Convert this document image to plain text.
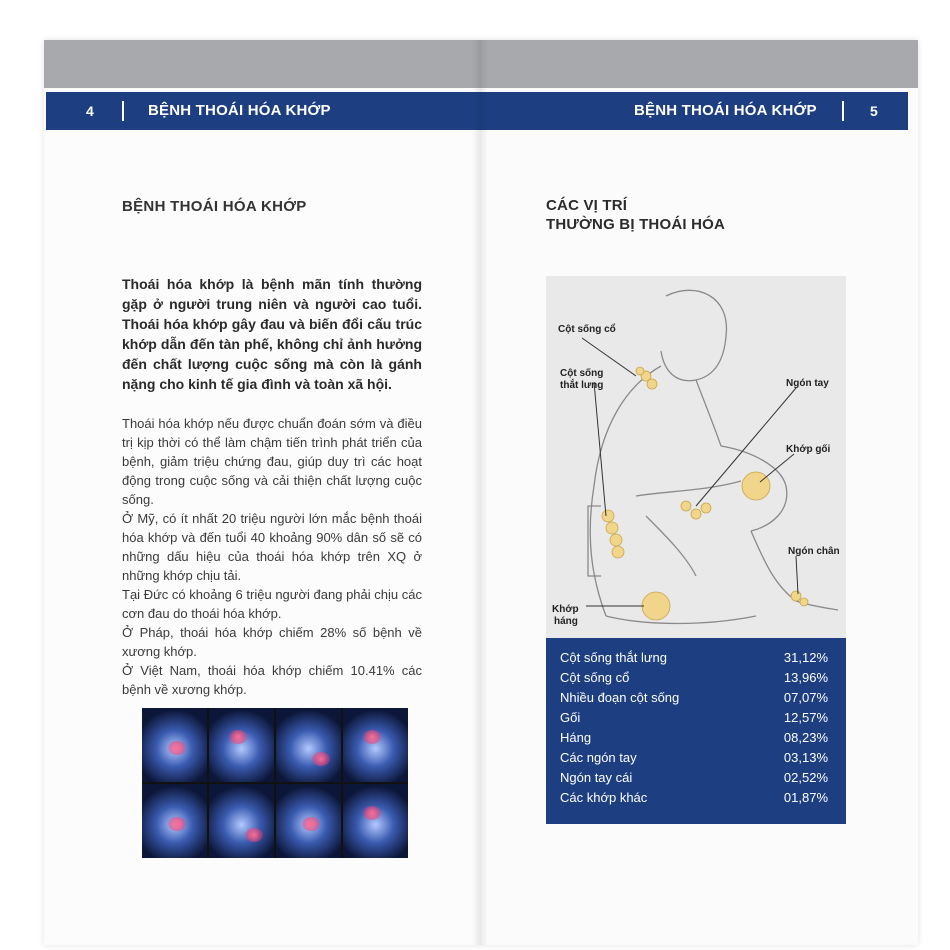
4	BỆNH THOÁI HÓA KHỚP
BỆNH THOÁI HÓA KHỚP
Thoái hóa khớp là bệnh mãn tính thường gặp ở người trung niên và người cao tuổi. Thoái hóa khớp gây đau và biến đổi cấu trúc khớp dẫn đến tàn phế, không chỉ ảnh hưởng đến chất lượng cuộc sống mà còn là gánh nặng cho kinh tế gia đình và toàn xã hội.

Thoái hóa khớp nếu được chuẩn đoán sớm và điều trị kịp thời có thể làm chậm tiến trình phát triển của bệnh, giảm triệu chứng đau, giúp duy trì các hoạt động trong cuộc sống và cải thiện chất lượng cuộc sống.

Ở Mỹ, có ít nhất 20 triệu người lớn mắc bệnh thoái hóa khớp và đến tuổi 40 khoảng 90% dân số sẽ có những dấu hiệu của thoái hóa khớp trên XQ ở những khớp chịu tải.

Tại Đức có khoảng 6 triệu người đang phải chịu các cơn đau do thoái hóa khớp.

Ở Pháp, thoái hóa khớp chiếm 28% số bệnh về xương khớp.

Ở Việt Nam, thoái hóa khớp chiếm 10.41% các bệnh về xương khớp.

BỆNH THOÁI HÓA KHỚP	5
CÁC VỊ TRÍ
THƯỜNG BỊ THOÁI HÓA
Cột sống cổ
Cột sống
thắt lưng	Ngón tay
Khớp gối
Ngón chân
Khớp
háng
Cột sống thắt lưng	31,12%
Cột sống cổ	13,96%
Nhiều đoạn cột sống	07,07%
Gối	12,57%
Háng	08,23%
Các ngón tay	03,13%
Ngón tay cái	02,52%
Các khớp khác	01,87%
